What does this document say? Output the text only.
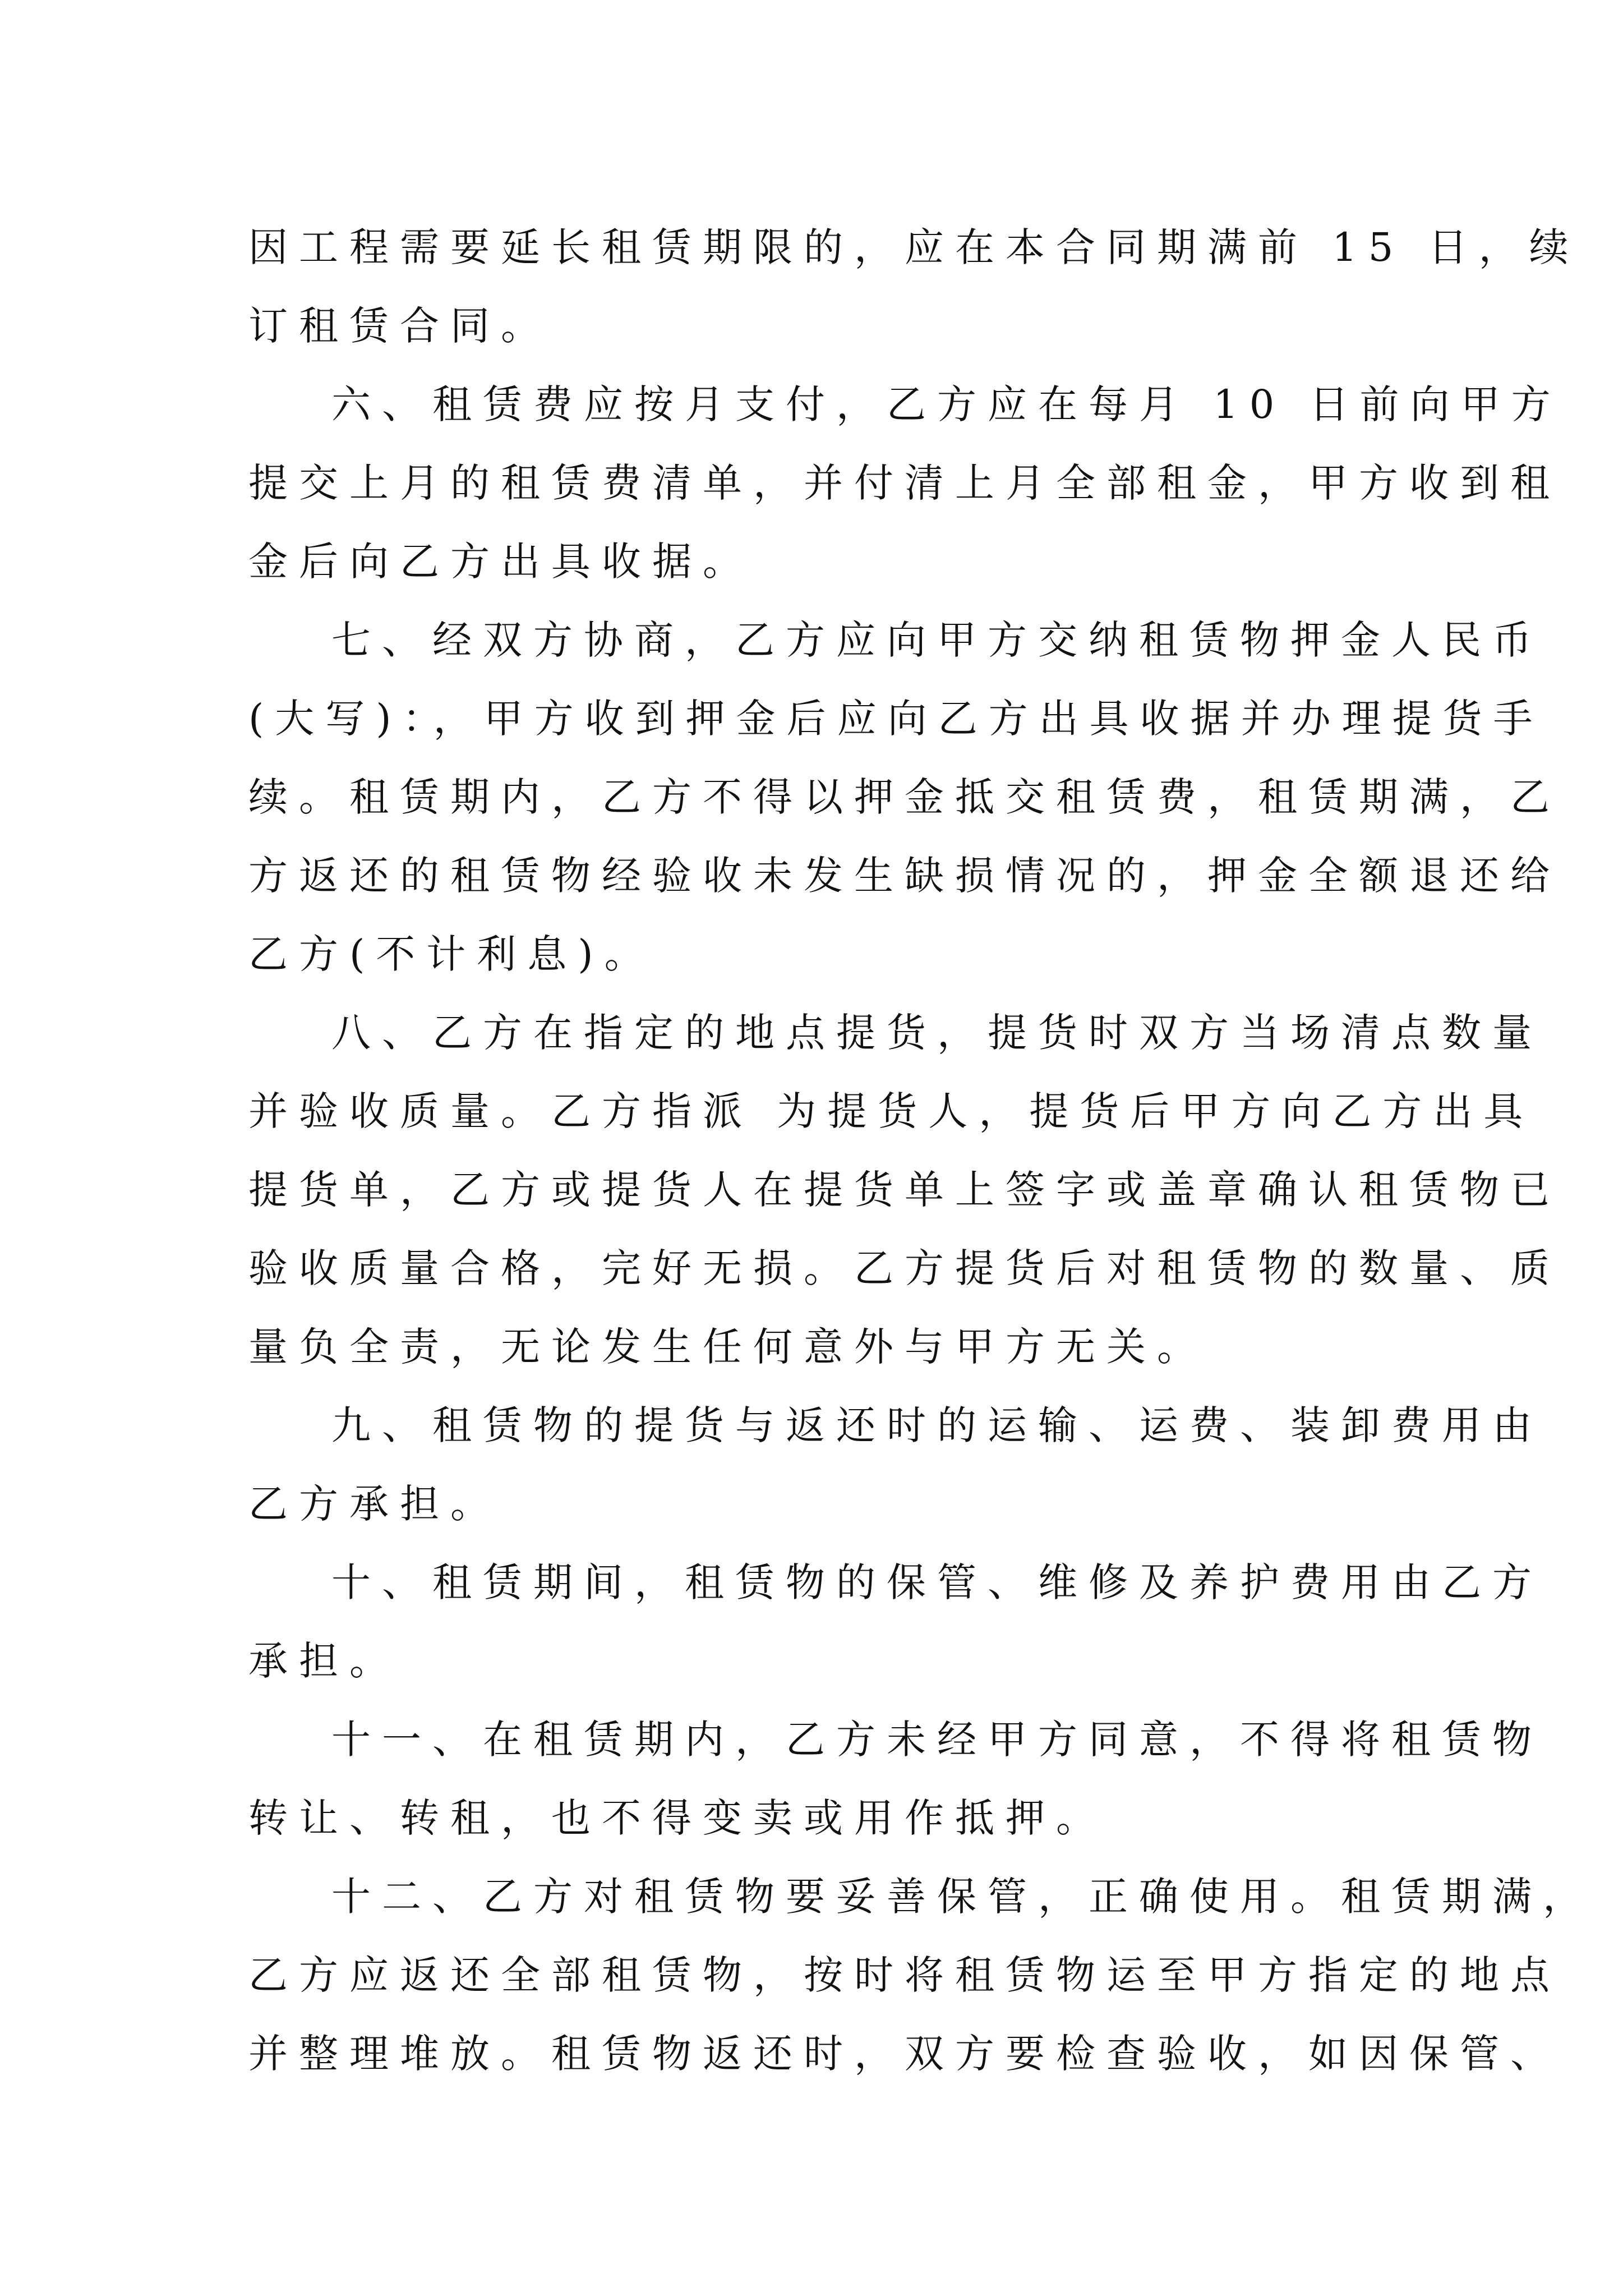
因工程需要延长租赁期限的，应在本合同期满前 15 日，续
订租赁合同。
六、租赁费应按月支付，乙方应在每月 10 日前向甲方
提交上月的租赁费清单，并付清上月全部租金，甲方收到租
金后向乙方出具收据。
七、经双方协商，乙方应向甲方交纳租赁物押金人民币
(大写)：，甲方收到押金后应向乙方出具收据并办理提货手
续。租赁期内，乙方不得以押金抵交租赁费，租赁期满，乙
方返还的租赁物经验收未发生缺损情况的，押金全额退还给
乙方(不计利息)。
八、乙方在指定的地点提货，提货时双方当场清点数量
并验收质量。乙方指派 为提货人，提货后甲方向乙方出具
提货单，乙方或提货人在提货单上签字或盖章确认租赁物已
验收质量合格，完好无损。乙方提货后对租赁物的数量、质
量负全责，无论发生任何意外与甲方无关。
九、租赁物的提货与返还时的运输、运费、装卸费用由
乙方承担。
十、租赁期间，租赁物的保管、维修及养护费用由乙方
承担。
十一、在租赁期内，乙方未经甲方同意，不得将租赁物
转让、转租，也不得变卖或用作抵押。
十二、乙方对租赁物要妥善保管，正确使用。租赁期满，
乙方应返还全部租赁物，按时将租赁物运至甲方指定的地点
并整理堆放。租赁物返还时，双方要检查验收，如因保管、
